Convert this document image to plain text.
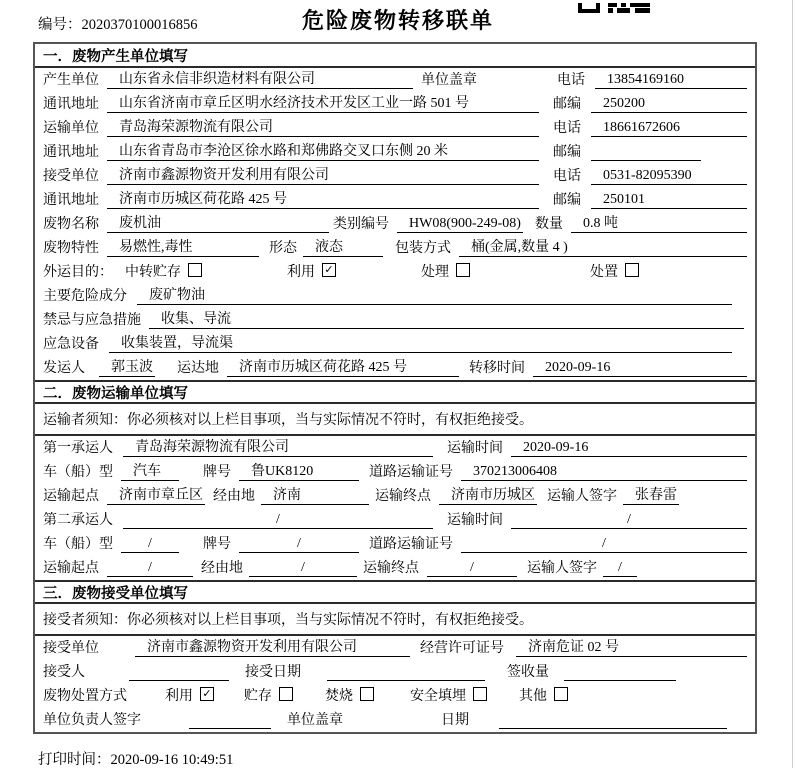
编号：2020370100016856	危险废物转移联单
一．废物产生单位填写
产生单位	山东省永信非织造材料有限公司	单位盖章	电话	13854169160
通讯地址	山东省济南市章丘区明水经济技术开发区工业一路 501 号	邮编	250200
运输单位	青岛海荣源物流有限公司	电话	18661672606
通讯地址	山东省青岛市李沧区徐水路和郑佛路交叉口东侧 20 米	邮编
接受单位	济南市鑫源物资开发利用有限公司	电话	0531-82095390
通讯地址	济南市历城区荷花路 425 号	邮编	250101
废物名称	废机油	类别编号	HW08(900-249-08) 数量	0.8 吨
废物特性	易燃性,毒性	形态	液态	包装方式	桶(金属,数量 4 )
外运目的： 中转贮存	利用 ✓	处理	处置
主要危险成分	废矿物油
禁忌与应急措施	收集、导流
应急设备	收集装置，导流渠
发运人	郭玉波 运达地	济南市历城区荷花路 425 号	转移时间	2020-09-16
二．废物运输单位填写
运输者须知：你必须核对以上栏目事项，当与实际情况不符时，有权拒绝接受。
第一承运人	青岛海荣源物流有限公司	运输时间	2020-09-16
车（船）型	汽车	牌号	鲁UK8120	道路运输证号	370213006408
运输起点	济南市章丘区 经由地	济南	运输终点	济南市历城区 运输人签字	张春雷
第二承运人	/	运输时间	/
车（船）型	/	牌号	/	道路运输证号	/
运输起点	/	经由地	/	运输终点	/	运输人签字	/
三．废物接受单位填写
接受者须知：你必须核对以上栏目事项，当与实际情况不符时，有权拒绝接受。
接受单位	济南市鑫源物资开发利用有限公司	经营许可证号	济南危证 02 号
接受人	接受日期	签收量
废物处置方式	利用 ✓ 贮存	焚烧	安全填埋	其他
单位负责人签字	单位盖章	日期
打印时间：2020-09-16 10:49:51
